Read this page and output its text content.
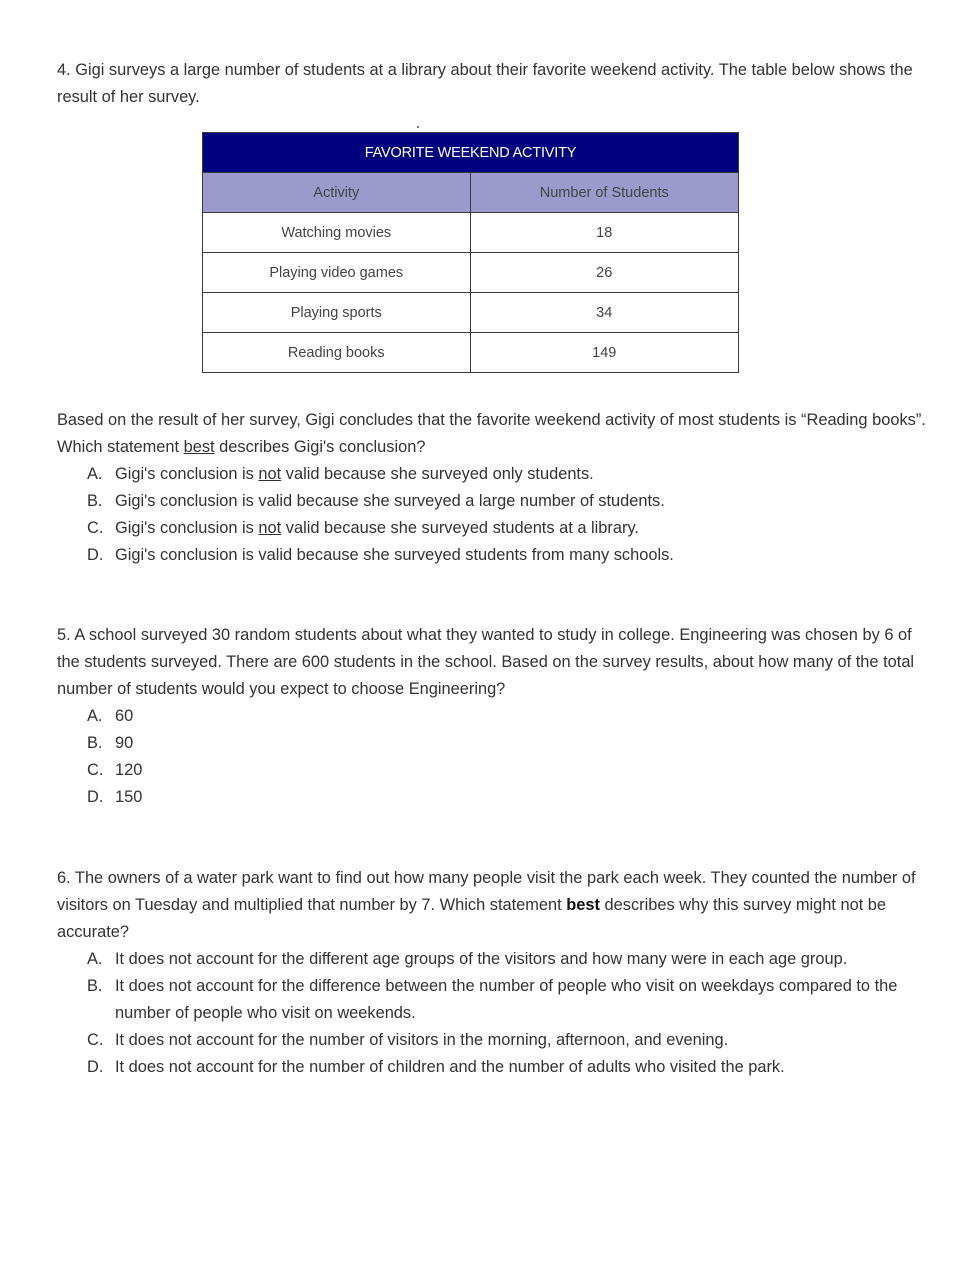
4. Gigi surveys a large number of students at a library about their favorite weekend activity. The table below shows the result of her survey.

Based on the result of her survey, Gigi concludes that the favorite weekend activity of most students is “Reading books”. Which statement best describes Gigi's conclusion?

A. Gigi's conclusion is not valid because she surveyed only students.
B. Gigi's conclusion is valid because she surveyed a large number of students.
C. Gigi's conclusion is not valid because she surveyed students at a library.
D. Gigi's conclusion is valid because she surveyed students from many schools.

5. A school surveyed 30 random students about what they wanted to study in college. Engineering was chosen by 6 of the students surveyed. There are 600 students in the school. Based on the survey results, about how many of the total number of students would you expect to choose Engineering?

A. 60
B. 90
C. 120
D. 150

6. The owners of a water park want to find out how many people visit the park each week. They counted the number of visitors on Tuesday and multiplied that number by 7. Which statement best describes why this survey might not be accurate?

A. It does not account for the different age groups of the visitors and how many were in each age group.
B. It does not account for the difference between the number of people who visit on weekdays compared to the number of people who visit on weekends.
C. It does not account for the number of visitors in the morning, afternoon, and evening.
D. It does not account for the number of children and the number of adults who visited the park.
FAVORITE WEEKEND ACTIVITY	
Activity	Number of Students
Watching movies	18
Playing video games	26
Playing sports	34
Reading books	149
